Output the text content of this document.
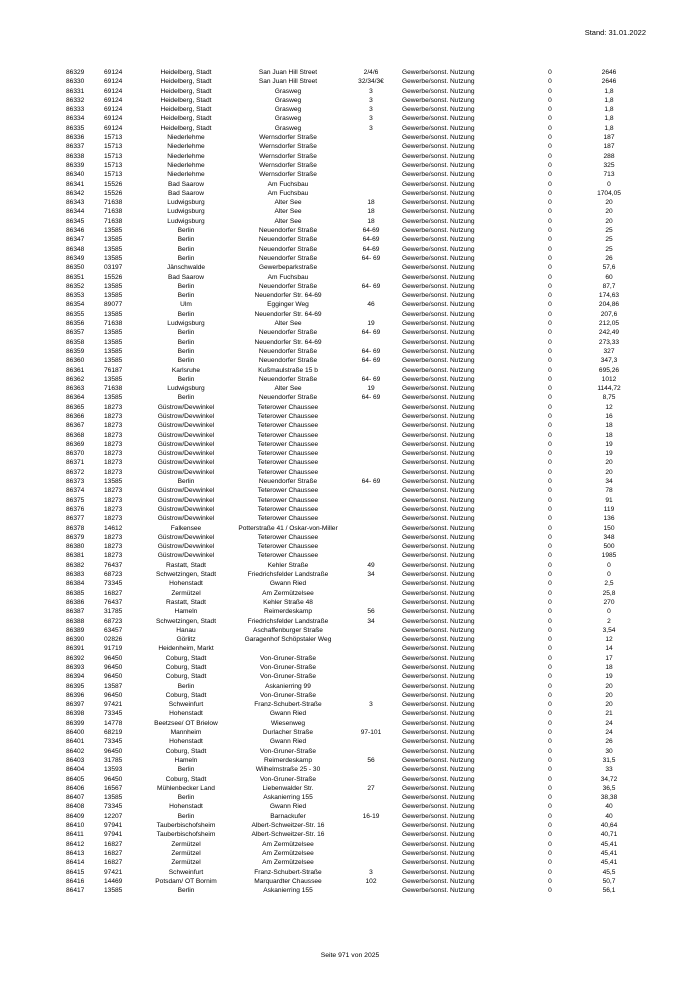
Stand: 31.01.2022
86329	69124	Heidelberg, Stadt	San Juan Hill Street	2/4/6	Gewerbe/sonst. Nutzung	0	2646
86330	69124	Heidelberg, Stadt	San Juan Hill Street	32/34/3€	Gewerbe/sonst. Nutzung	0	2646
86331	69124	Heidelberg, Stadt	Grasweg	3	Gewerbe/sonst. Nutzung	0	1,8
86332	69124	Heidelberg, Stadt	Grasweg	3	Gewerbe/sonst. Nutzung	0	1,8
86333	69124	Heidelberg, Stadt	Grasweg	3	Gewerbe/sonst. Nutzung	0	1,8
86334	69124	Heidelberg, Stadt	Grasweg	3	Gewerbe/sonst. Nutzung	0	1,8
86335	69124	Heidelberg, Stadt	Grasweg	3	Gewerbe/sonst. Nutzung	0	1,8
86336	15713	Niederlehme	Wernsdorfer Straße		Gewerbe/sonst. Nutzung	0	187
86337	15713	Niederlehme	Wernsdorfer Straße		Gewerbe/sonst. Nutzung	0	187
86338	15713	Niederlehme	Wernsdorfer Straße		Gewerbe/sonst. Nutzung	0	288
86339	15713	Niederlehme	Wernsdorfer Straße		Gewerbe/sonst. Nutzung	0	325
86340	15713	Niederlehme	Wernsdorfer Straße		Gewerbe/sonst. Nutzung	0	713
86341	15526	Bad Saarow	Am Fuchsbau		Gewerbe/sonst. Nutzung	0	0
86342	15526	Bad Saarow	Am Fuchsbau		Gewerbe/sonst. Nutzung	0	1704,05
86343	71638	Ludwigsburg	Alter See	18	Gewerbe/sonst. Nutzung	0	20
86344	71638	Ludwigsburg	Alter See	18	Gewerbe/sonst. Nutzung	0	20
86345	71638	Ludwigsburg	Alter See	18	Gewerbe/sonst. Nutzung	0	20
86346	13585	Berlin	Neuendorfer Straße	64-69	Gewerbe/sonst. Nutzung	0	25
86347	13585	Berlin	Neuendorfer Straße	64-69	Gewerbe/sonst. Nutzung	0	25
86348	13585	Berlin	Neuendorfer Straße	64-69	Gewerbe/sonst. Nutzung	0	25
86349	13585	Berlin	Neuendorfer Straße	64- 69	Gewerbe/sonst. Nutzung	0	26
86350	03197	Jänschwalde	Gewerbeparkstraße		Gewerbe/sonst. Nutzung	0	57,6
86351	15526	Bad Saarow	Am Fuchsbau		Gewerbe/sonst. Nutzung	0	60
86352	13585	Berlin	Neuendorfer Straße	64- 69	Gewerbe/sonst. Nutzung	0	87,7
86353	13585	Berlin	Neuendorfer Str. 64-69		Gewerbe/sonst. Nutzung	0	174,63
86354	89077	Ulm	Egginger Weg	46	Gewerbe/sonst. Nutzung	0	204,86
86355	13585	Berlin	Neuendorfer Str. 64-69		Gewerbe/sonst. Nutzung	0	207,6
86356	71638	Ludwigsburg	Alter See	19	Gewerbe/sonst. Nutzung	0	212,05
86357	13585	Berlin	Neuendorfer Straße	64- 69	Gewerbe/sonst. Nutzung	0	242,49
86358	13585	Berlin	Neuendorfer Str. 64-69		Gewerbe/sonst. Nutzung	0	273,33
86359	13585	Berlin	Neuendorfer Straße	64- 69	Gewerbe/sonst. Nutzung	0	327
86360	13585	Berlin	Neuendorfer Straße	64- 69	Gewerbe/sonst. Nutzung	0	347,3
86361	76187	Karlsruhe	Kußmaulstraße 15 b		Gewerbe/sonst. Nutzung	0	695,26
86362	13585	Berlin	Neuendorfer Straße	64- 69	Gewerbe/sonst. Nutzung	0	1012
86363	71638	Ludwigsburg	Alter See	19	Gewerbe/sonst. Nutzung	0	1144,72
86364	13585	Berlin	Neuendorfer Straße	64- 69	Gewerbe/sonst. Nutzung	0	8,75
86365	18273	Güstrow/Devwinkel	Teterower Chaussee		Gewerbe/sonst. Nutzung	0	12
86366	18273	Güstrow/Devwinkel	Teterower Chaussee		Gewerbe/sonst. Nutzung	0	16
86367	18273	Güstrow/Devwinkel	Teterower Chaussee		Gewerbe/sonst. Nutzung	0	18
86368	18273	Güstrow/Devwinkel	Teterower Chaussee		Gewerbe/sonst. Nutzung	0	18
86369	18273	Güstrow/Devwinkel	Teterower Chaussee		Gewerbe/sonst. Nutzung	0	19
86370	18273	Güstrow/Devwinkel	Teterower Chaussee		Gewerbe/sonst. Nutzung	0	19
86371	18273	Güstrow/Devwinkel	Teterower Chaussee		Gewerbe/sonst. Nutzung	0	20
86372	18273	Güstrow/Devwinkel	Teterower Chaussee		Gewerbe/sonst. Nutzung	0	20
86373	13585	Berlin	Neuendorfer Straße	64- 69	Gewerbe/sonst. Nutzung	0	34
86374	18273	Güstrow/Devwinkel	Teterower Chaussee		Gewerbe/sonst. Nutzung	0	78
86375	18273	Güstrow/Devwinkel	Teterower Chaussee		Gewerbe/sonst. Nutzung	0	91
86376	18273	Güstrow/Devwinkel	Teterower Chaussee		Gewerbe/sonst. Nutzung	0	119
86377	18273	Güstrow/Devwinkel	Teterower Chaussee		Gewerbe/sonst. Nutzung	0	136
86378	14612	Falkensee	Potterstraße 41 / Oskar-von-Miller		Gewerbe/sonst. Nutzung	0	150
86379	18273	Güstrow/Devwinkel	Teterower Chaussee		Gewerbe/sonst. Nutzung	0	348
86380	18273	Güstrow/Devwinkel	Teterower Chaussee		Gewerbe/sonst. Nutzung	0	500
86381	18273	Güstrow/Devwinkel	Teterower Chaussee		Gewerbe/sonst. Nutzung	0	1985
86382	76437	Rastatt, Stadt	Kehler Straße	49	Gewerbe/sonst. Nutzung	0	0
86383	68723	Schwetzingen, Stadt	Friedrichsfelder Landstraße	34	Gewerbe/sonst. Nutzung	0	0
86384	73345	Hohenstadt	Gwann Ried		Gewerbe/sonst. Nutzung	0	2,5
86385	16827	Zermützel	Am Zermützelsee		Gewerbe/sonst. Nutzung	0	25,8
86386	76437	Rastatt, Stadt	Kehler Straße 48		Gewerbe/sonst. Nutzung	0	270
86387	31785	Hameln	Reimerdeskamp	56	Gewerbe/sonst. Nutzung	0	0
86388	68723	Schwetzingen, Stadt	Friedrichsfelder Landstraße	34	Gewerbe/sonst. Nutzung	0	2
86389	63457	Hanau	Aschaffenburger Straße		Gewerbe/sonst. Nutzung	0	3,54
86390	02826	Görlitz	Garagenhof Schöpstaler Weg		Gewerbe/sonst. Nutzung	0	12
86391	91719	Heidenheim, Markt			Gewerbe/sonst. Nutzung	0	14
86392	96450	Coburg, Stadt	Von-Gruner-Straße		Gewerbe/sonst. Nutzung	0	17
86393	96450	Coburg, Stadt	Von-Gruner-Straße		Gewerbe/sonst. Nutzung	0	18
86394	96450	Coburg, Stadt	Von-Gruner-Straße		Gewerbe/sonst. Nutzung	0	19
86395	13587	Berlin	Askanierring 99		Gewerbe/sonst. Nutzung	0	20
86396	96450	Coburg, Stadt	Von-Gruner-Straße		Gewerbe/sonst. Nutzung	0	20
86397	97421	Schweinfurt	Franz-Schubert-Straße	3	Gewerbe/sonst. Nutzung	0	20
86398	73345	Hohenstadt	Gwann Ried		Gewerbe/sonst. Nutzung	0	21
86399	14778	Beetzsee/ OT Brielow	Wiesenweg		Gewerbe/sonst. Nutzung	0	24
86400	68219	Mannheim	Durlacher Straße	97-101	Gewerbe/sonst. Nutzung	0	24
86401	73345	Hohenstadt	Gwann Ried		Gewerbe/sonst. Nutzung	0	26
86402	96450	Coburg, Stadt	Von-Gruner-Straße		Gewerbe/sonst. Nutzung	0	30
86403	31785	Hameln	Reimerdeskamp	56	Gewerbe/sonst. Nutzung	0	31,5
86404	13593	Berlin	Wilhelmstraße 25 - 30		Gewerbe/sonst. Nutzung	0	33
86405	96450	Coburg, Stadt	Von-Gruner-Straße		Gewerbe/sonst. Nutzung	0	34,72
86406	16567	Mühlenbecker Land	Liebenwalder Str.	27	Gewerbe/sonst. Nutzung	0	36,5
86407	13585	Berlin	Askanierring 155		Gewerbe/sonst. Nutzung	0	38,38
86408	73345	Hohenstadt	Gwann Ried		Gewerbe/sonst. Nutzung	0	40
86409	12207	Berlin	Barnackufer	16-19	Gewerbe/sonst. Nutzung	0	40
86410	97941	Tauberbischofsheim	Albert-Schweitzer-Str. 16		Gewerbe/sonst. Nutzung	0	40,64
86411	97941	Tauberbischofsheim	Albert-Schweitzer-Str. 16		Gewerbe/sonst. Nutzung	0	40,71
86412	16827	Zermützel	Am Zermützelsee		Gewerbe/sonst. Nutzung	0	45,41
86413	16827	Zermützel	Am Zermützelsee		Gewerbe/sonst. Nutzung	0	45,41
86414	16827	Zermützel	Am Zermützelsee		Gewerbe/sonst. Nutzung	0	45,41
86415	97421	Schweinfurt	Franz-Schubert-Straße	3	Gewerbe/sonst. Nutzung	0	45,5
86416	14469	Potsdam/ OT Bornim	Marquardter Chaussee	102	Gewerbe/sonst. Nutzung	0	50,7
86417	13585	Berlin	Askanierring 155		Gewerbe/sonst. Nutzung	0	56,1
Seite 971 von 2025
